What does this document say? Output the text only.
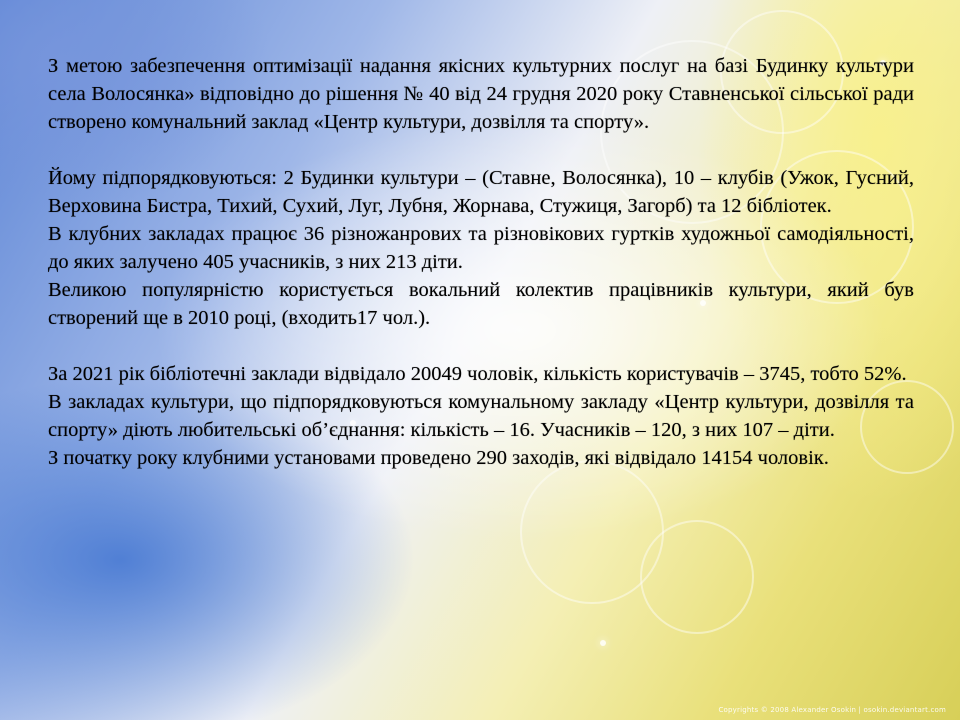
З метою забезпечення оптимізації надання якісних культурних послуг на базі Будинку культури села Волосянка» відповідно до рішення № 40 від 24 грудня 2020 року Ставненської сільської ради створено комунальний заклад «Центр культури, дозвілля та спорту».

Йому підпорядковуються: 2 Будинки культури – (Ставне, Волосянка), 10 – клубів (Ужок, Гусний, Верховина Бистра, Тихий, Сухий, Луг, Лубня, Жорнава, Стужиця, Загорб) та 12 бібліотек.

В клубних закладах працює 36 різножанрових та різновікових гуртків художньої самодіяльності, до яких залучено 405 учасників, з них 213 діти.

Великою популярністю користується вокальний колектив працівників культури, який був створений ще в 2010 році, (входить17 чол.).

За 2021 рік бібліотечні заклади відвідало 20049 чоловік, кількість користувачів – 3745, тобто 52%.

В закладах культури, що підпорядковуються комунальному закладу «Центр культури, дозвілля та спорту» діють любительські об’єднання: кількість – 16. Учасників – 120, з них 107 – діти.

З початку року клубними установами проведено 290 заходів, які відвідало 14154 чоловік.

Copyrights © 2008 Alexander Osokin | osokin.deviantart.com
